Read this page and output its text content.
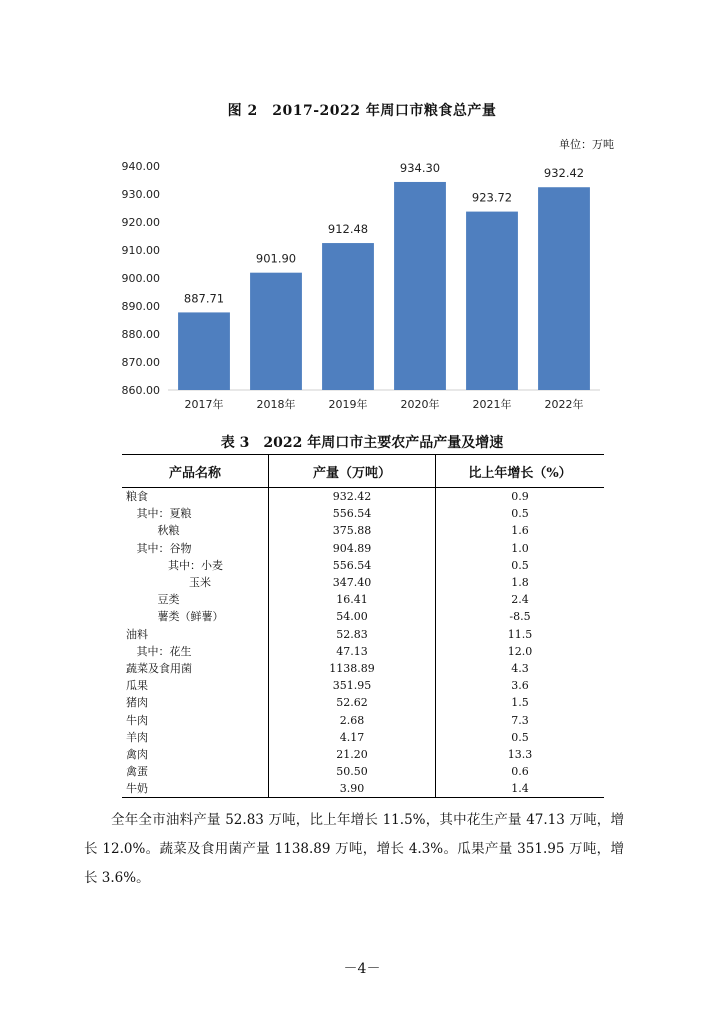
图 2　2017-2022 年周口市粮食总产量
单位：万吨
860.00
870.00
880.00
890.00
900.00
910.00
920.00
930.00
940.00
887.71
2017年
901.90
2018年
912.48
2019年
934.30
2020年
923.72
2021年
932.42
2022年
表 3　2022 年周口市主要农产品产量及增速
产品名称	产量（万吨）	比上年增长（%）
粮食	932.42	0.9
其中：夏粮	556.54	0.5
秋粮	375.88	1.6
其中：谷物	904.89	1.0
其中：小麦	556.54	0.5
玉米	347.40	1.8
豆类	16.41	2.4
薯类（鲜薯）	54.00	-8.5
油料	52.83	11.5
其中：花生	47.13	12.0
蔬菜及食用菌	1138.89	4.3
瓜果	351.95	3.6
猪肉	52.62	1.5
牛肉	2.68	7.3
羊肉	4.17	0.5
禽肉	21.20	13.3
禽蛋	50.50	0.6
牛奶	3.90	1.4
全年全市油料产量 52.83 万吨，比上年增长 11.5%，其中花生产量 47.13 万吨，增长 12.0%。蔬菜及食用菌产量 1138.89 万吨，增长 4.3%。瓜果产量 351.95 万吨，增长 3.6%。
－4－
